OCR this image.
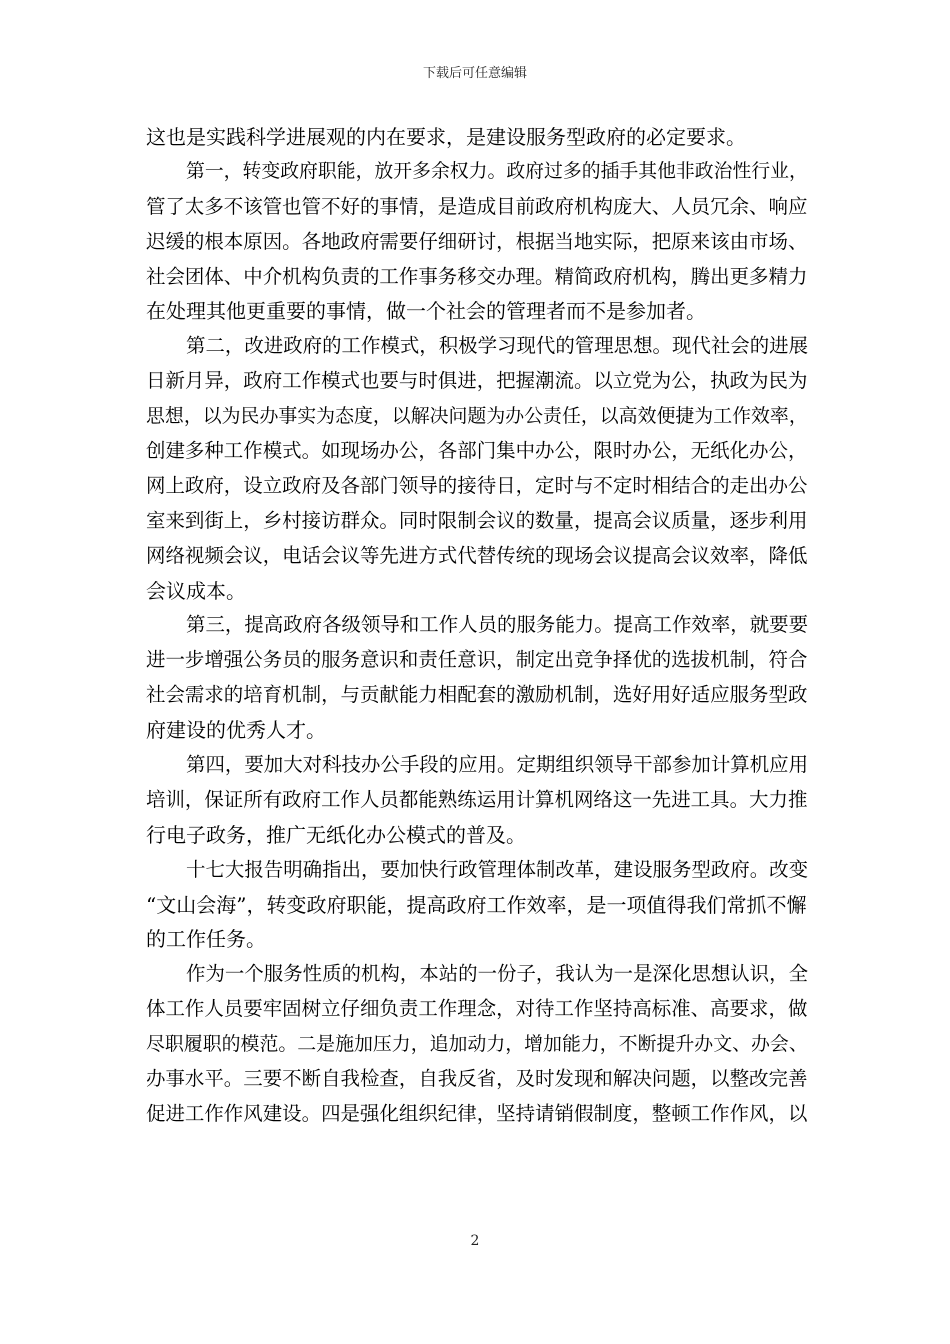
下载后可任意编辑
这也是实践科学进展观的内在要求，是建设服务型政府的必定要求。
第一，转变政府职能，放开多余权力。政府过多的插手其他非政治性行业，
管了太多不该管也管不好的事情，是造成目前政府机构庞大、人员冗余、响应
迟缓的根本原因。各地政府需要仔细研讨，根据当地实际，把原来该由市场、
社会团体、中介机构负责的工作事务移交办理。精简政府机构，腾出更多精力
在处理其他更重要的事情，做一个社会的管理者而不是参加者。
第二，改进政府的工作模式，积极学习现代的管理思想。现代社会的进展
日新月异，政府工作模式也要与时俱进，把握潮流。以立党为公，执政为民为
思想，以为民办事实为态度，以解决问题为办公责任，以高效便捷为工作效率，
创建多种工作模式。如现场办公，各部门集中办公，限时办公，无纸化办公，
网上政府，设立政府及各部门领导的接待日，定时与不定时相结合的走出办公
室来到街上，乡村接访群众。同时限制会议的数量，提高会议质量，逐步利用
网络视频会议，电话会议等先进方式代替传统的现场会议提高会议效率，降低
会议成本。
第三，提高政府各级领导和工作人员的服务能力。提高工作效率，就要要
进一步增强公务员的服务意识和责任意识，制定出竞争择优的选拔机制，符合
社会需求的培育机制，与贡献能力相配套的激励机制，选好用好适应服务型政
府建设的优秀人才。
第四，要加大对科技办公手段的应用。定期组织领导干部参加计算机应用
培训，保证所有政府工作人员都能熟练运用计算机网络这一先进工具。大力推
行电子政务，推广无纸化办公模式的普及。
十七大报告明确指出，要加快行政管理体制改革，建设服务型政府。改变
“文山会海”，转变政府职能，提高政府工作效率，是一项值得我们常抓不懈
的工作任务。
作为一个服务性质的机构，本站的一份子，我认为一是深化思想认识，全
体工作人员要牢固树立仔细负责工作理念，对待工作坚持高标准、高要求，做
尽职履职的模范。二是施加压力，追加动力，增加能力，不断提升办文、办会、
办事水平。三要不断自我检查，自我反省，及时发现和解决问题，以整改完善
促进工作作风建设。四是强化组织纪律，坚持请销假制度，整顿工作作风，以
2
